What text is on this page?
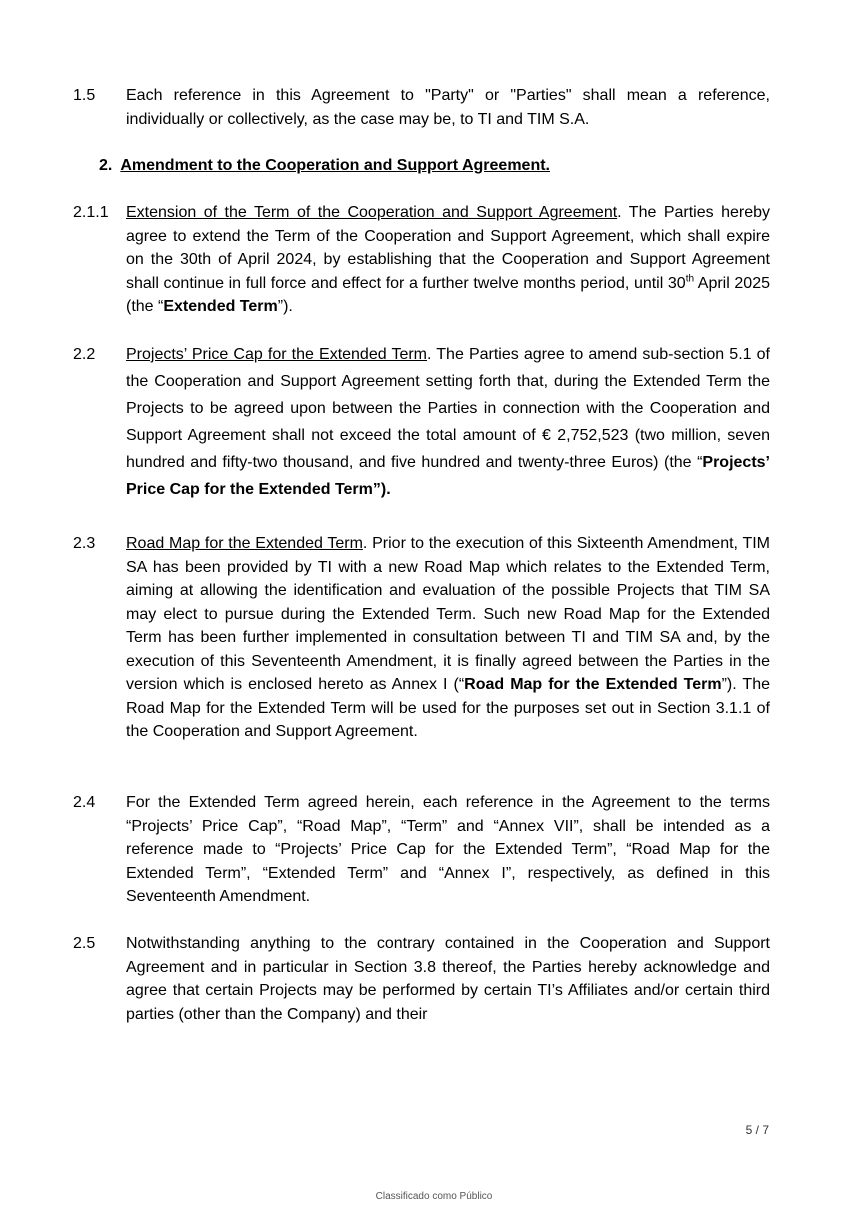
1.5	Each reference in this Agreement to "Party" or "Parties" shall mean a reference, individually or collectively, as the case may be, to TI and TIM S.A.
2. Amendment to the Cooperation and Support Agreement.
2.1.1	Extension of the Term of the Cooperation and Support Agreement. The Parties hereby agree to extend the Term of the Cooperation and Support Agreement, which shall expire on the 30th of April 2024, by establishing that the Cooperation and Support Agreement shall continue in full force and effect for a further twelve months period, until 30th April 2025 (the “Extended Term”).
2.2	Projects’ Price Cap for the Extended Term. The Parties agree to amend sub-section 5.1 of the Cooperation and Support Agreement setting forth that, during the Extended Term the Projects to be agreed upon between the Parties in connection with the Cooperation and Support Agreement shall not exceed the total amount of € 2,752,523 (two million, seven hundred and fifty-two thousand, and five hundred and twenty-three Euros) (the “Projects’ Price Cap for the Extended Term”).
2.3	Road Map for the Extended Term. Prior to the execution of this Sixteenth Amendment, TIM SA has been provided by TI with a new Road Map which relates to the Extended Term, aiming at allowing the identification and evaluation of the possible Projects that TIM SA may elect to pursue during the Extended Term. Such new Road Map for the Extended Term has been further implemented in consultation between TI and TIM SA and, by the execution of this Seventeenth Amendment, it is finally agreed between the Parties in the version which is enclosed hereto as Annex I (“Road Map for the Extended Term”). The Road Map for the Extended Term will be used for the purposes set out in Section 3.1.1 of the Cooperation and Support Agreement.
2.4	For the Extended Term agreed herein, each reference in the Agreement to the terms “Projects’ Price Cap”, “Road Map”, “Term” and “Annex VII”, shall be intended as a reference made to “Projects’ Price Cap for the Extended Term”, “Road Map for the Extended Term”, “Extended Term” and “Annex I”, respectively, as defined in this Seventeenth Amendment.
2.5	Notwithstanding anything to the contrary contained in the Cooperation and Support Agreement and in particular in Section 3.8 thereof, the Parties hereby acknowledge and agree that certain Projects may be performed by certain TI’s Affiliates and/or certain third parties (other than the Company) and their
5 / 7
Classificado como Público
